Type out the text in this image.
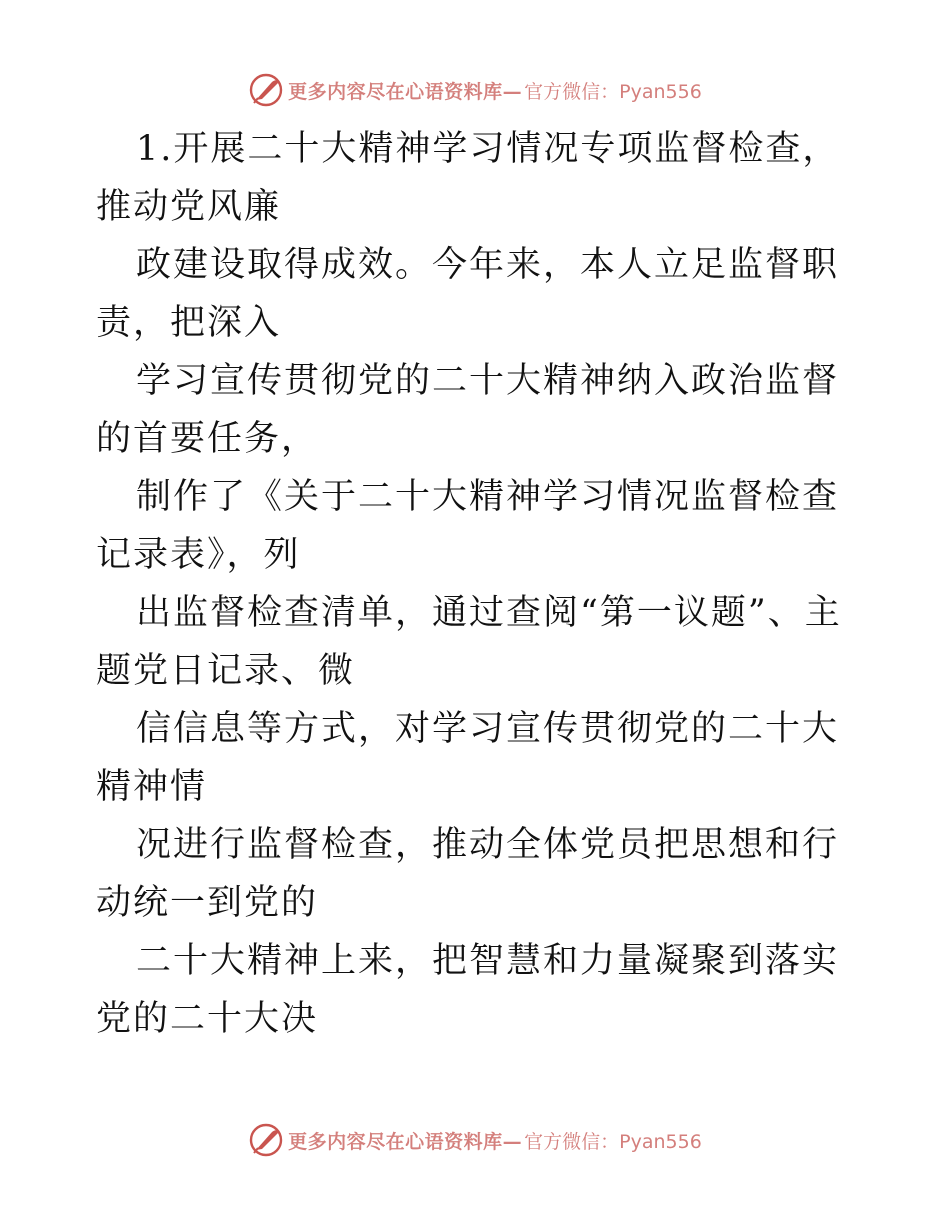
更多内容尽在心语资料库— 官方微信：Pyan556

1.开展二十大精神学习情况专项监督检查，推动党风廉

政建设取得成效。今年来，本人立足监督职责，把深入

学习宣传贯彻党的二十大精神纳入政治监督的首要任务，

制作了《关于二十大精神学习情况监督检查记录表》，列

出监督检查清单，通过查阅“第一议题”、主题党日记录、微

信信息等方式，对学习宣传贯彻党的二十大精神情

况进行监督检查，推动全体党员把思想和行动统一到党的

二十大精神上来，把智慧和力量凝聚到落实党的二十大决

更多内容尽在心语资料库— 官方微信：Pyan556
